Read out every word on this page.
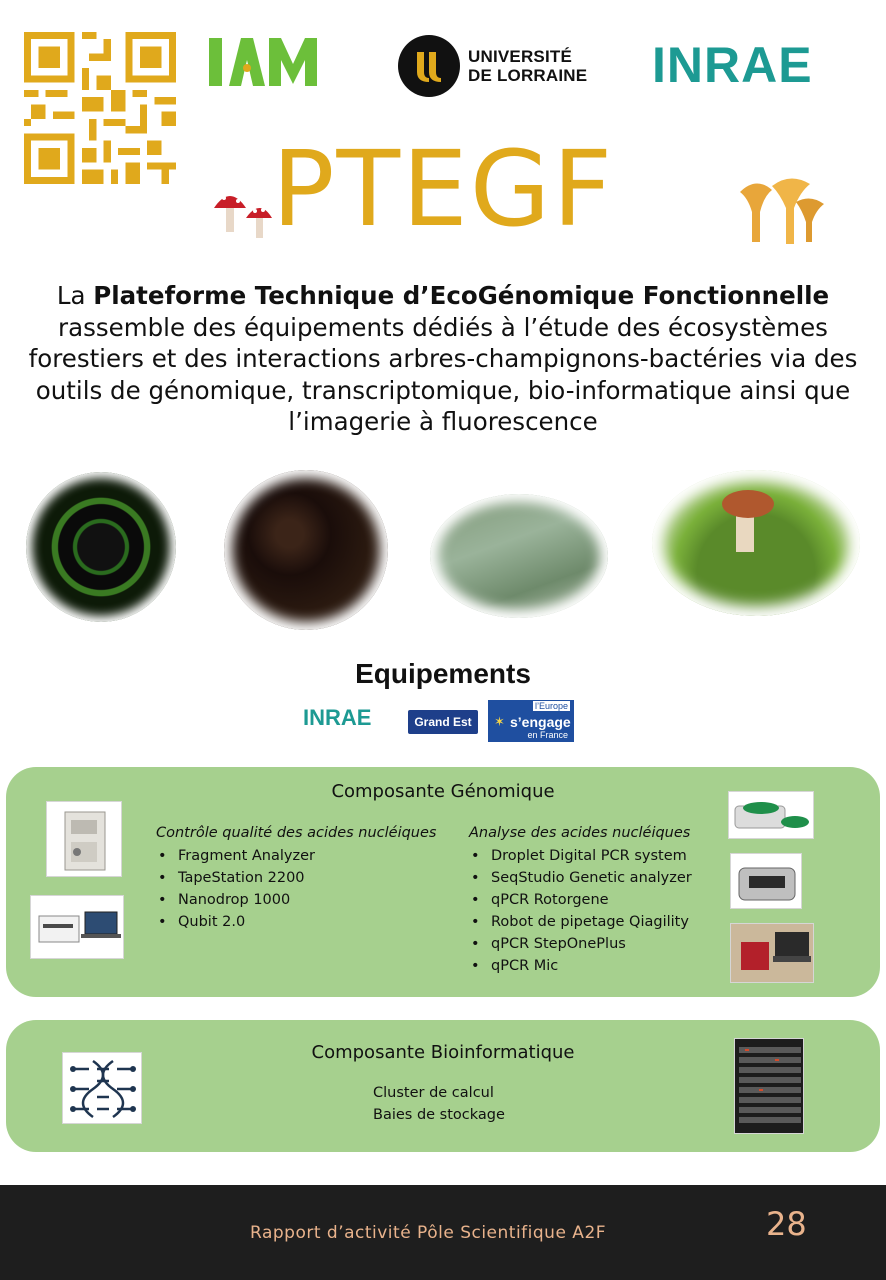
UNIVERSITÉ
DE LORRAINE INRAE
PTEGF
La Plateforme Technique d’EcoGénomique Fonctionnelle
rassemble des équipements dédiés à l’étude des écosystèmes forestiers et des interactions arbres-champignons-bactéries via des outils de génomique, transcriptomique, bio-informatique ainsi que l’imagerie à fluorescence
Equipements
INRAE	Grand Est
l’Europe
✶ s’engage
en France
Composante Génomique
Contrôle qualité des acides nucléiques
• Fragment Analyzer
• TapeStation 2200
• Nanodrop 1000
• Qubit 2.0
Analyse des acides nucléiques
• Droplet Digital PCR system
• SeqStudio Genetic analyzer
• qPCR Rotorgene
• Robot de pipetage Qiagility
• qPCR StepOnePlus
• qPCR Mic
Composante Bioinformatique
Cluster de calcul
Baies de stockage
Rapport d’activité Pôle Scientifique A2F	28
